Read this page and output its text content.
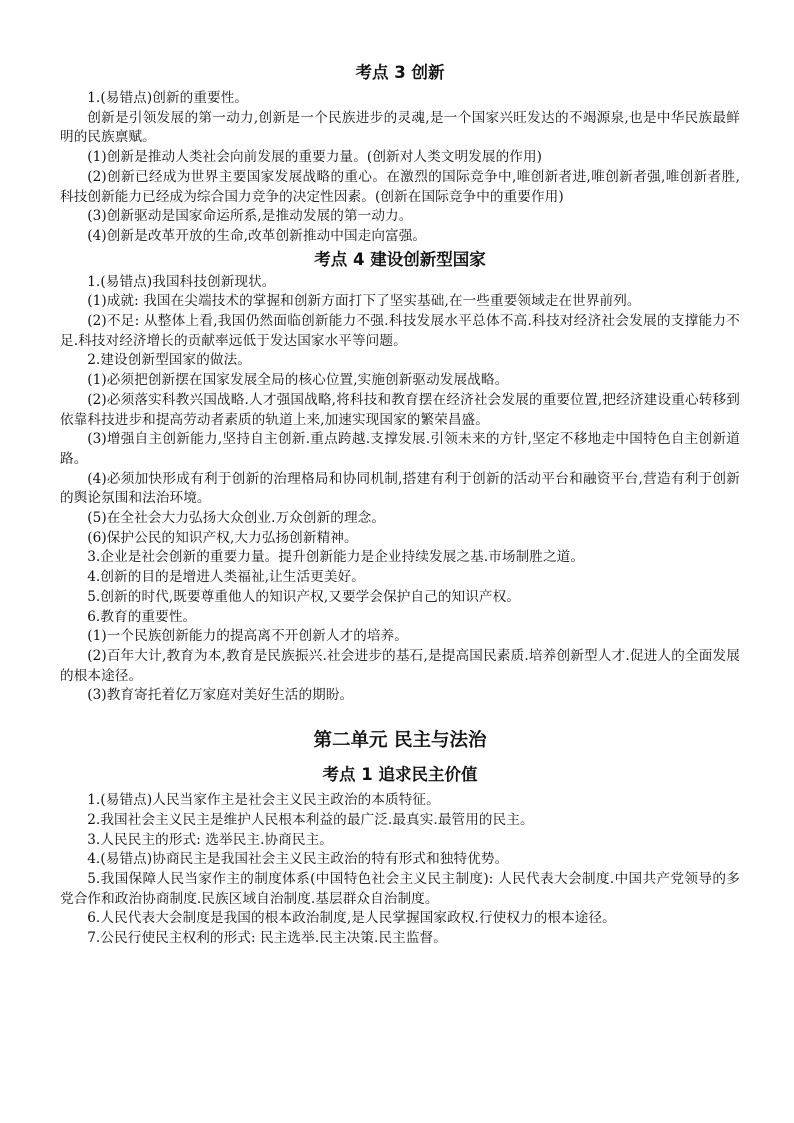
考点 3 创新

1.(易错点)创新的重要性。

创新是引领发展的第一动力,创新是一个民族进步的灵魂,是一个国家兴旺发达的不竭源泉,也是中华民族最鲜明的民族禀赋。

(1)创新是推动人类社会向前发展的重要力量。(创新对人类文明发展的作用)

(2)创新已经成为世界主要国家发展战略的重心。在激烈的国际竞争中,唯创新者进,唯创新者强,唯创新者胜,科技创新能力已经成为综合国力竞争的决定性因素。(创新在国际竞争中的重要作用)

(3)创新驱动是国家命运所系,是推动发展的第一动力。

(4)创新是改革开放的生命,改革创新推动中国走向富强。

考点 4 建设创新型国家

1.(易错点)我国科技创新现状。

(1)成就: 我国在尖端技术的掌握和创新方面打下了坚实基础,在一些重要领域走在世界前列。

(2)不足: 从整体上看,我国仍然面临创新能力不强.科技发展水平总体不高.科技对经济社会发展的支撑能力不足.科技对经济增长的贡献率远低于发达国家水平等问题。

2.建设创新型国家的做法。

(1)必须把创新摆在国家发展全局的核心位置,实施创新驱动发展战略。

(2)必须落实科教兴国战略.人才强国战略,将科技和教育摆在经济社会发展的重要位置,把经济建设重心转移到依靠科技进步和提高劳动者素质的轨道上来,加速实现国家的繁荣昌盛。

(3)增强自主创新能力,坚持自主创新.重点跨越.支撑发展.引领未来的方针,坚定不移地走中国特色自主创新道路。

(4)必须加快形成有利于创新的治理格局和协同机制,搭建有利于创新的活动平台和融资平台,营造有利于创新的舆论氛围和法治环境。

(5)在全社会大力弘扬大众创业.万众创新的理念。

(6)保护公民的知识产权,大力弘扬创新精神。

3.企业是社会创新的重要力量。提升创新能力是企业持续发展之基.市场制胜之道。

4.创新的目的是增进人类福祉,让生活更美好。

5.创新的时代,既要尊重他人的知识产权,又要学会保护自己的知识产权。

6.教育的重要性。

(1)一个民族创新能力的提高离不开创新人才的培养。

(2)百年大计,教育为本,教育是民族振兴.社会进步的基石,是提高国民素质.培养创新型人才.促进人的全面发展的根本途径。

(3)教育寄托着亿万家庭对美好生活的期盼。

第二单元 民主与法治
考点 1 追求民主价值

1.(易错点)人民当家作主是社会主义民主政治的本质特征。

2.我国社会主义民主是维护人民根本利益的最广泛.最真实.最管用的民主。

3.人民民主的形式: 选举民主.协商民主。

4.(易错点)协商民主是我国社会主义民主政治的特有形式和独特优势。

5.我国保障人民当家作主的制度体系(中国特色社会主义民主制度): 人民代表大会制度.中国共产党领导的多党合作和政治协商制度.民族区域自治制度.基层群众自治制度。

6.人民代表大会制度是我国的根本政治制度,是人民掌握国家政权.行使权力的根本途径。

7.公民行使民主权利的形式: 民主选举.民主决策.民主监督。
